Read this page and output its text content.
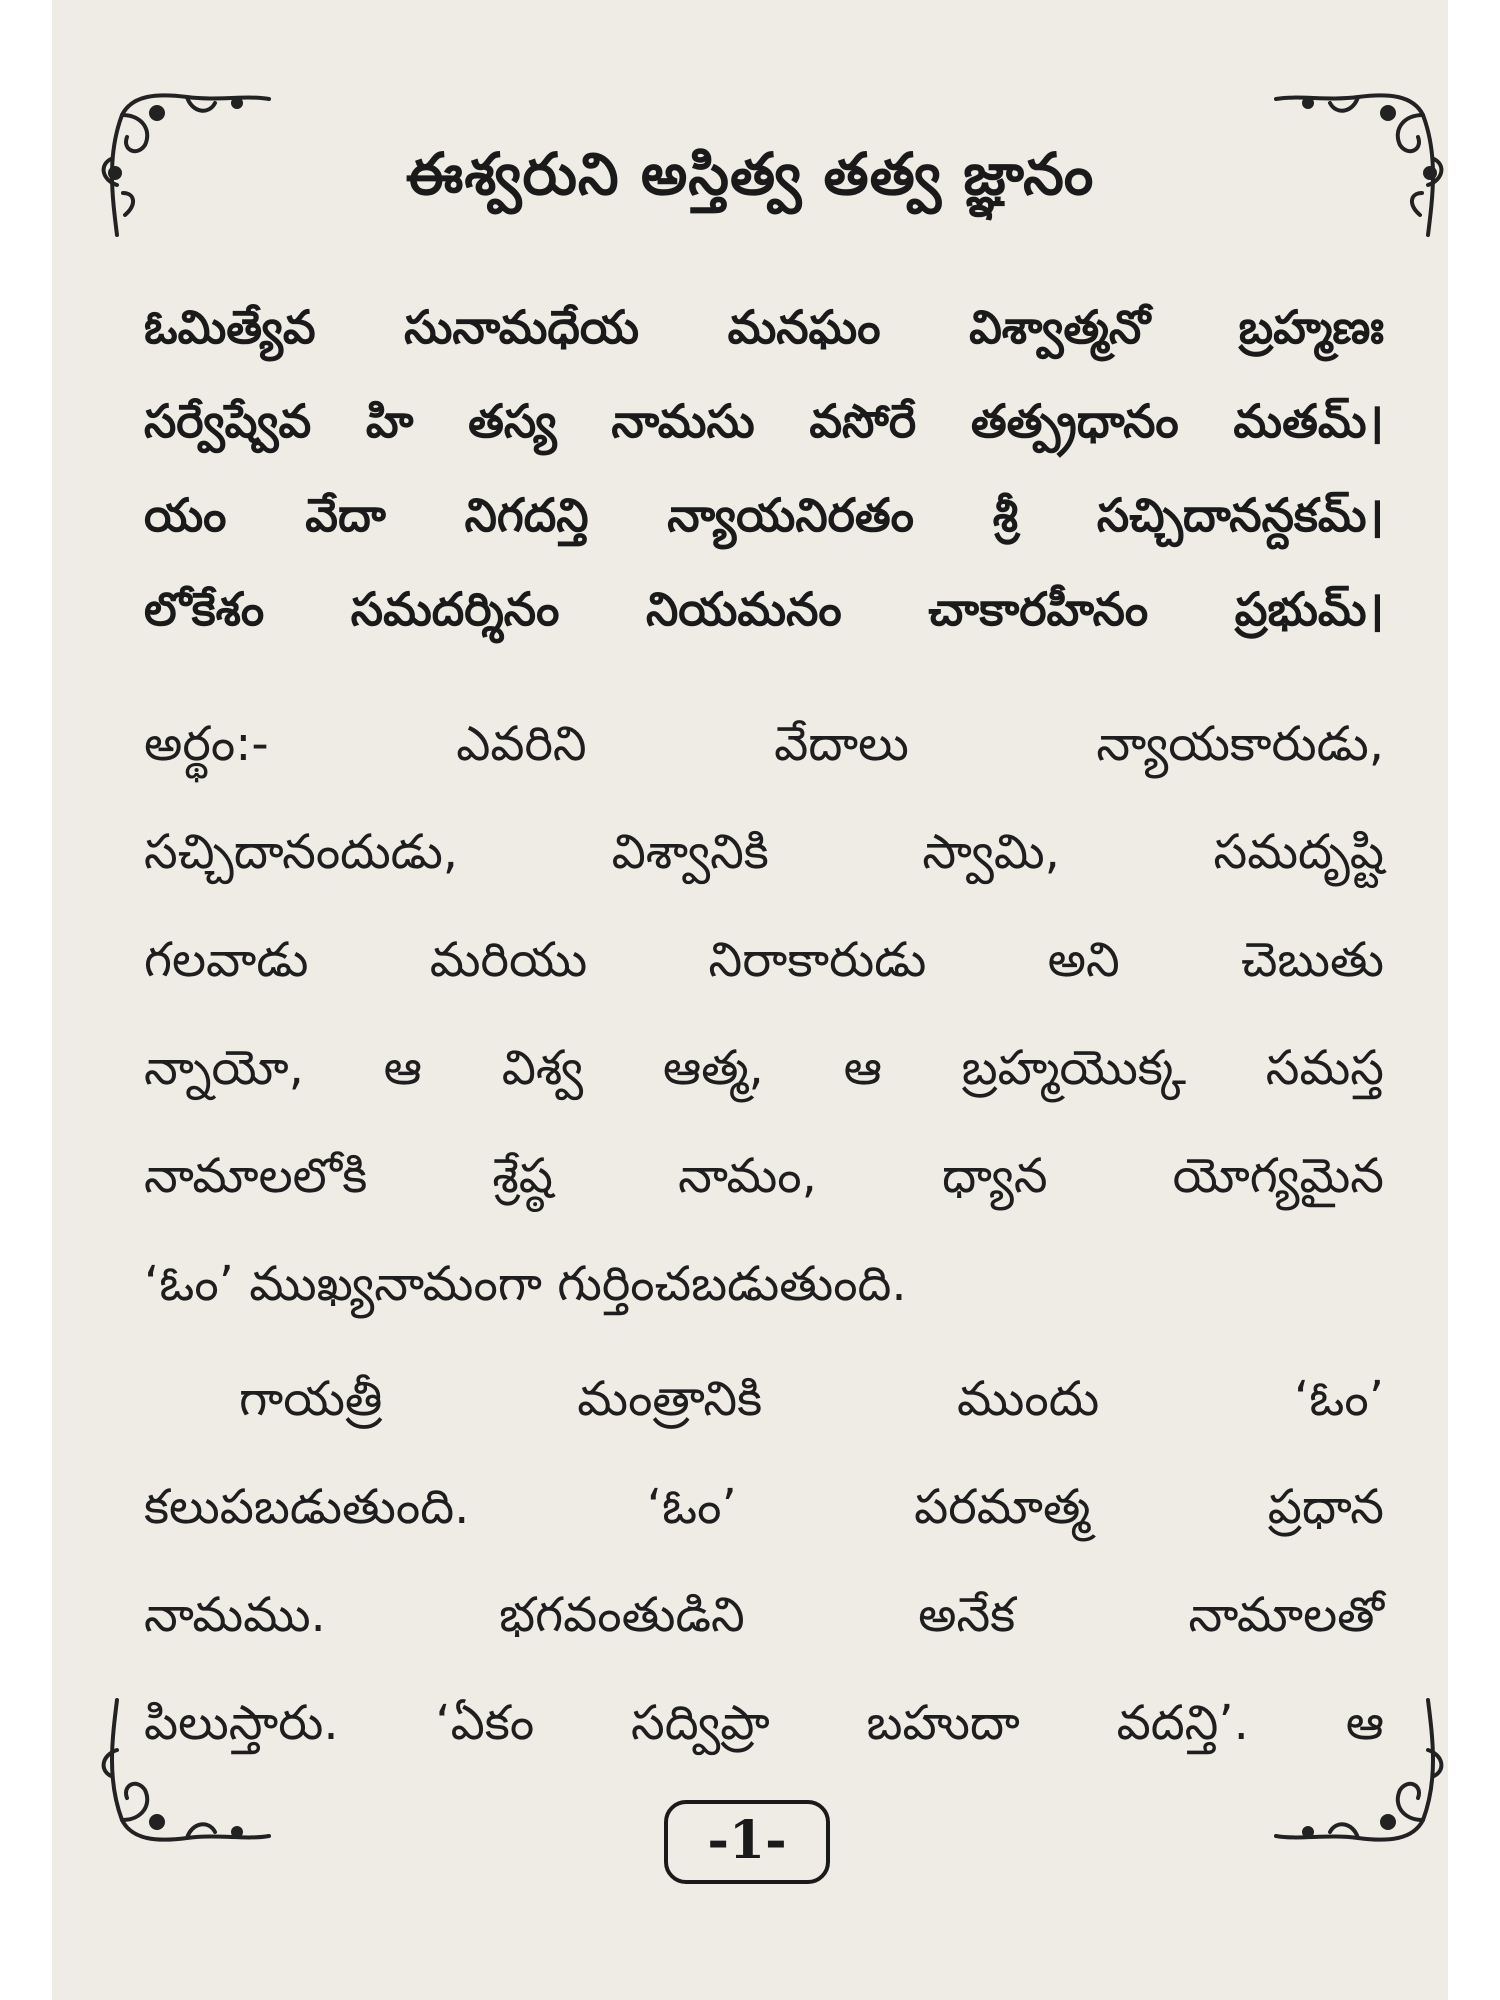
ఈశ్వరుని అస్తిత్వ తత్వ జ్ఞానం
ఓమిత్యేవ సునామధేయ మనఘం విశ్వాత్మనో బ్రహ్మణః
సర్వేష్వేవ హి తస్య నామసు వసోరే తత్ప్రధానం మతమ్।
యం వేదా నిగదన్తి న్యాయనిరతం శ్రీ సచ్చిదానన్దకమ్।
లోకేశం సమదర్శినం నియమనం చాకారహీనం ప్రభుమ్।
అర్థం:- ఎవరిని వేదాలు న్యాయకారుడు,
సచ్చిదానందుడు, విశ్వానికి స్వామి, సమదృష్టి
గలవాడు మరియు నిరాకారుడు అని చెబుతు
న్నాయో, ఆ విశ్వ ఆత్మ, ఆ బ్రహ్మయొక్క సమస్త
నామాలలోకి శ్రేష్ఠ నామం, ధ్యాన యోగ్యమైన
‘ఓం’ ముఖ్యనామంగా గుర్తించబడుతుంది.
గాయత్రీ మంత్రానికి ముందు ‘ఓం’
కలుపబడుతుంది. ‘ఓం’ పరమాత్మ ప్రధాన
నామము. భగవంతుడిని అనేక నామాలతో
పిలుస్తారు. ‘ఏకం సద్విప్రా బహుదా వదన్తి’. ఆ
-1-
